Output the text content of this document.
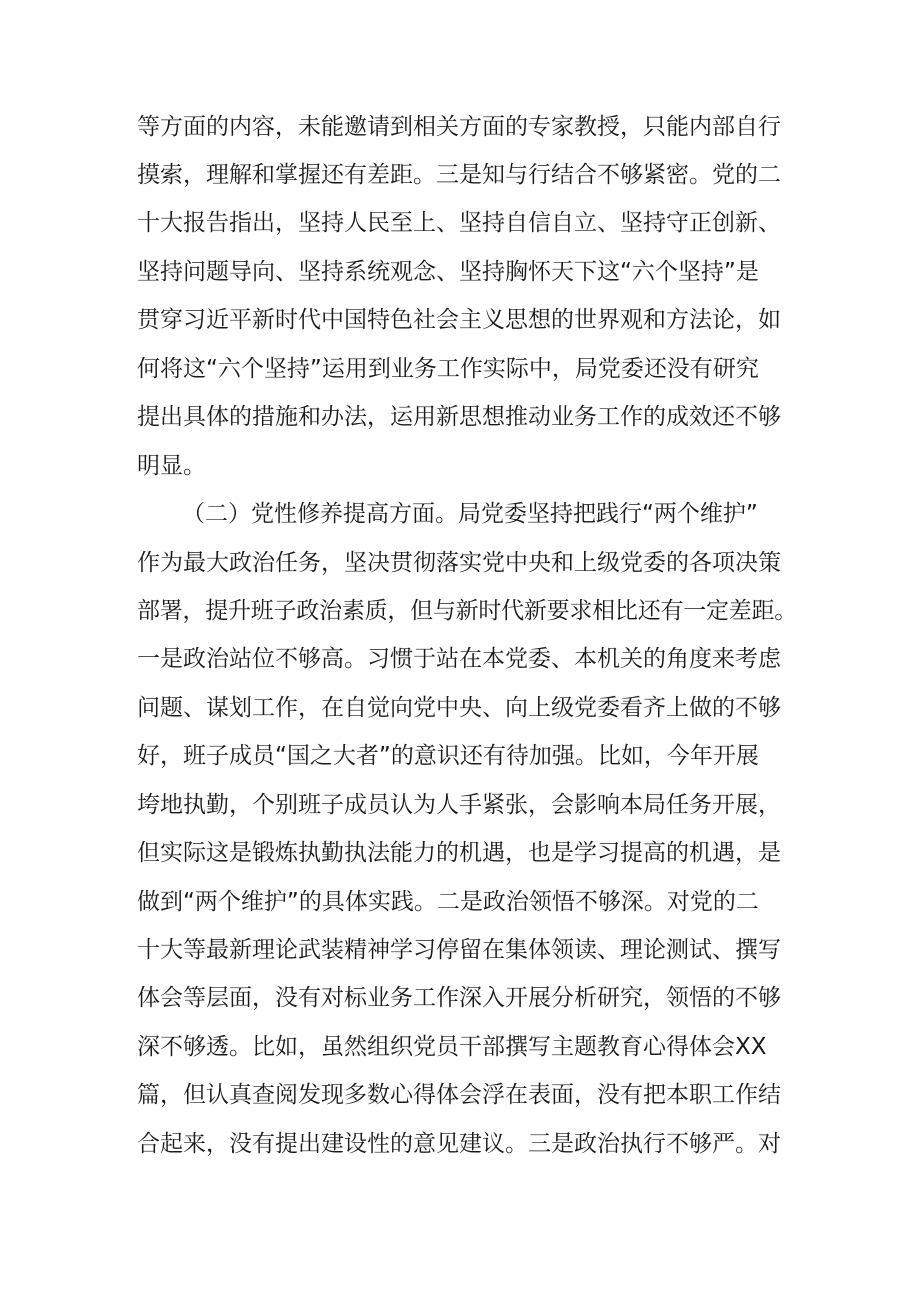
等方面的内容，未能邀请到相关方面的专家教授，只能内部自行
摸索，理解和掌握还有差距。三是知与行结合不够紧密。党的二
十大报告指出，坚持人民至上、坚持自信自立、坚持守正创新、
坚持问题导向、坚持系统观念、坚持胸怀天下这“六个坚持”是
贯穿习近平新时代中国特色社会主义思想的世界观和方法论，如
何将这“六个坚持”运用到业务工作实际中，局党委还没有研究
提出具体的措施和办法，运用新思想推动业务工作的成效还不够
明显。
（二）党性修养提高方面。局党委坚持把践行“两个维护”
作为最大政治任务，坚决贯彻落实党中央和上级党委的各项决策
部署，提升班子政治素质，但与新时代新要求相比还有一定差距。
一是政治站位不够高。习惯于站在本党委、本机关的角度来考虑
问题、谋划工作，在自觉向党中央、向上级党委看齐上做的不够
好，班子成员“国之大者”的意识还有待加强。比如，今年开展
垮地执勤，个别班子成员认为人手紧张，会影响本局任务开展，
但实际这是锻炼执勤执法能力的机遇，也是学习提高的机遇，是
做到“两个维护”的具体实践。二是政治领悟不够深。对党的二
十大等最新理论武装精神学习停留在集体领读、理论测试、撰写
体会等层面，没有对标业务工作深入开展分析研究，领悟的不够
深不够透。比如，虽然组织党员干部撰写主题教育心得体会XX
篇，但认真查阅发现多数心得体会浮在表面，没有把本职工作结
合起来，没有提出建设性的意见建议。三是政治执行不够严。对
